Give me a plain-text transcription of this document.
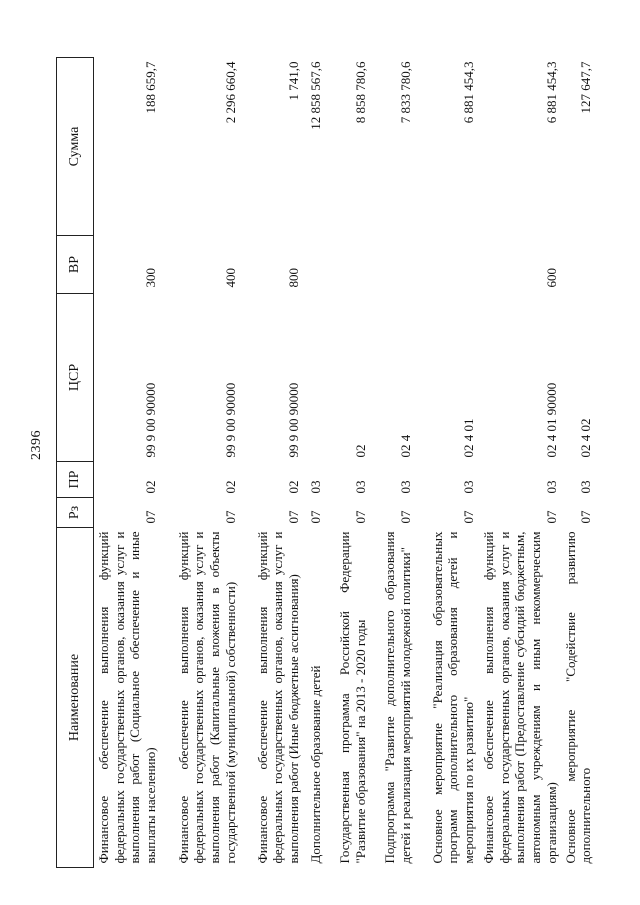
2396
Наименование	Рз	ПР	ЦСР	ВР	Сумма
Финансовое обеспечение выполнения функций федеральных государственных органов, оказания услуг и выполнения работ (Социальное обеспечение и иные выплаты населению)	07	02	99 9 00 90000	300	188 659,7
Финансовое обеспечение выполнения функций федеральных государственных органов, оказания услуг и выполнения работ (Капитальные вложения в объекты государственной (муниципальной) собственности)	07	02	99 9 00 90000	400	2 296 660,4
Финансовое обеспечение выполнения функций федеральных государственных органов, оказания услуг и выполнения работ (Иные бюджетные ассигнования)	07	02	99 9 00 90000	800	1 741,0
Дополнительное образование детей	07	03			12 858 567,6
Государственная программа Российской Федерации "Развитие образования" на 2013 - 2020 годы	07	03	02		8 858 780,6
Подпрограмма "Развитие дополнительного образования детей и реализация мероприятий молодежной политики"	07	03	02 4		7 833 780,6
Основное мероприятие "Реализация образовательных программ дополнительного образования детей и мероприятия по их развитию"	07	03	02 4 01		6 881 454,3
Финансовое обеспечение выполнения функций федеральных государственных органов, оказания услуг и выполнения работ (Предоставление субсидий бюджетным, автономным учреждениям и иным некоммерческим организациям)	07	03	02 4 01 90000	600	6 881 454,3
Основное мероприятие "Содействие развитию дополнительного	07	03	02 4 02		127 647,7
